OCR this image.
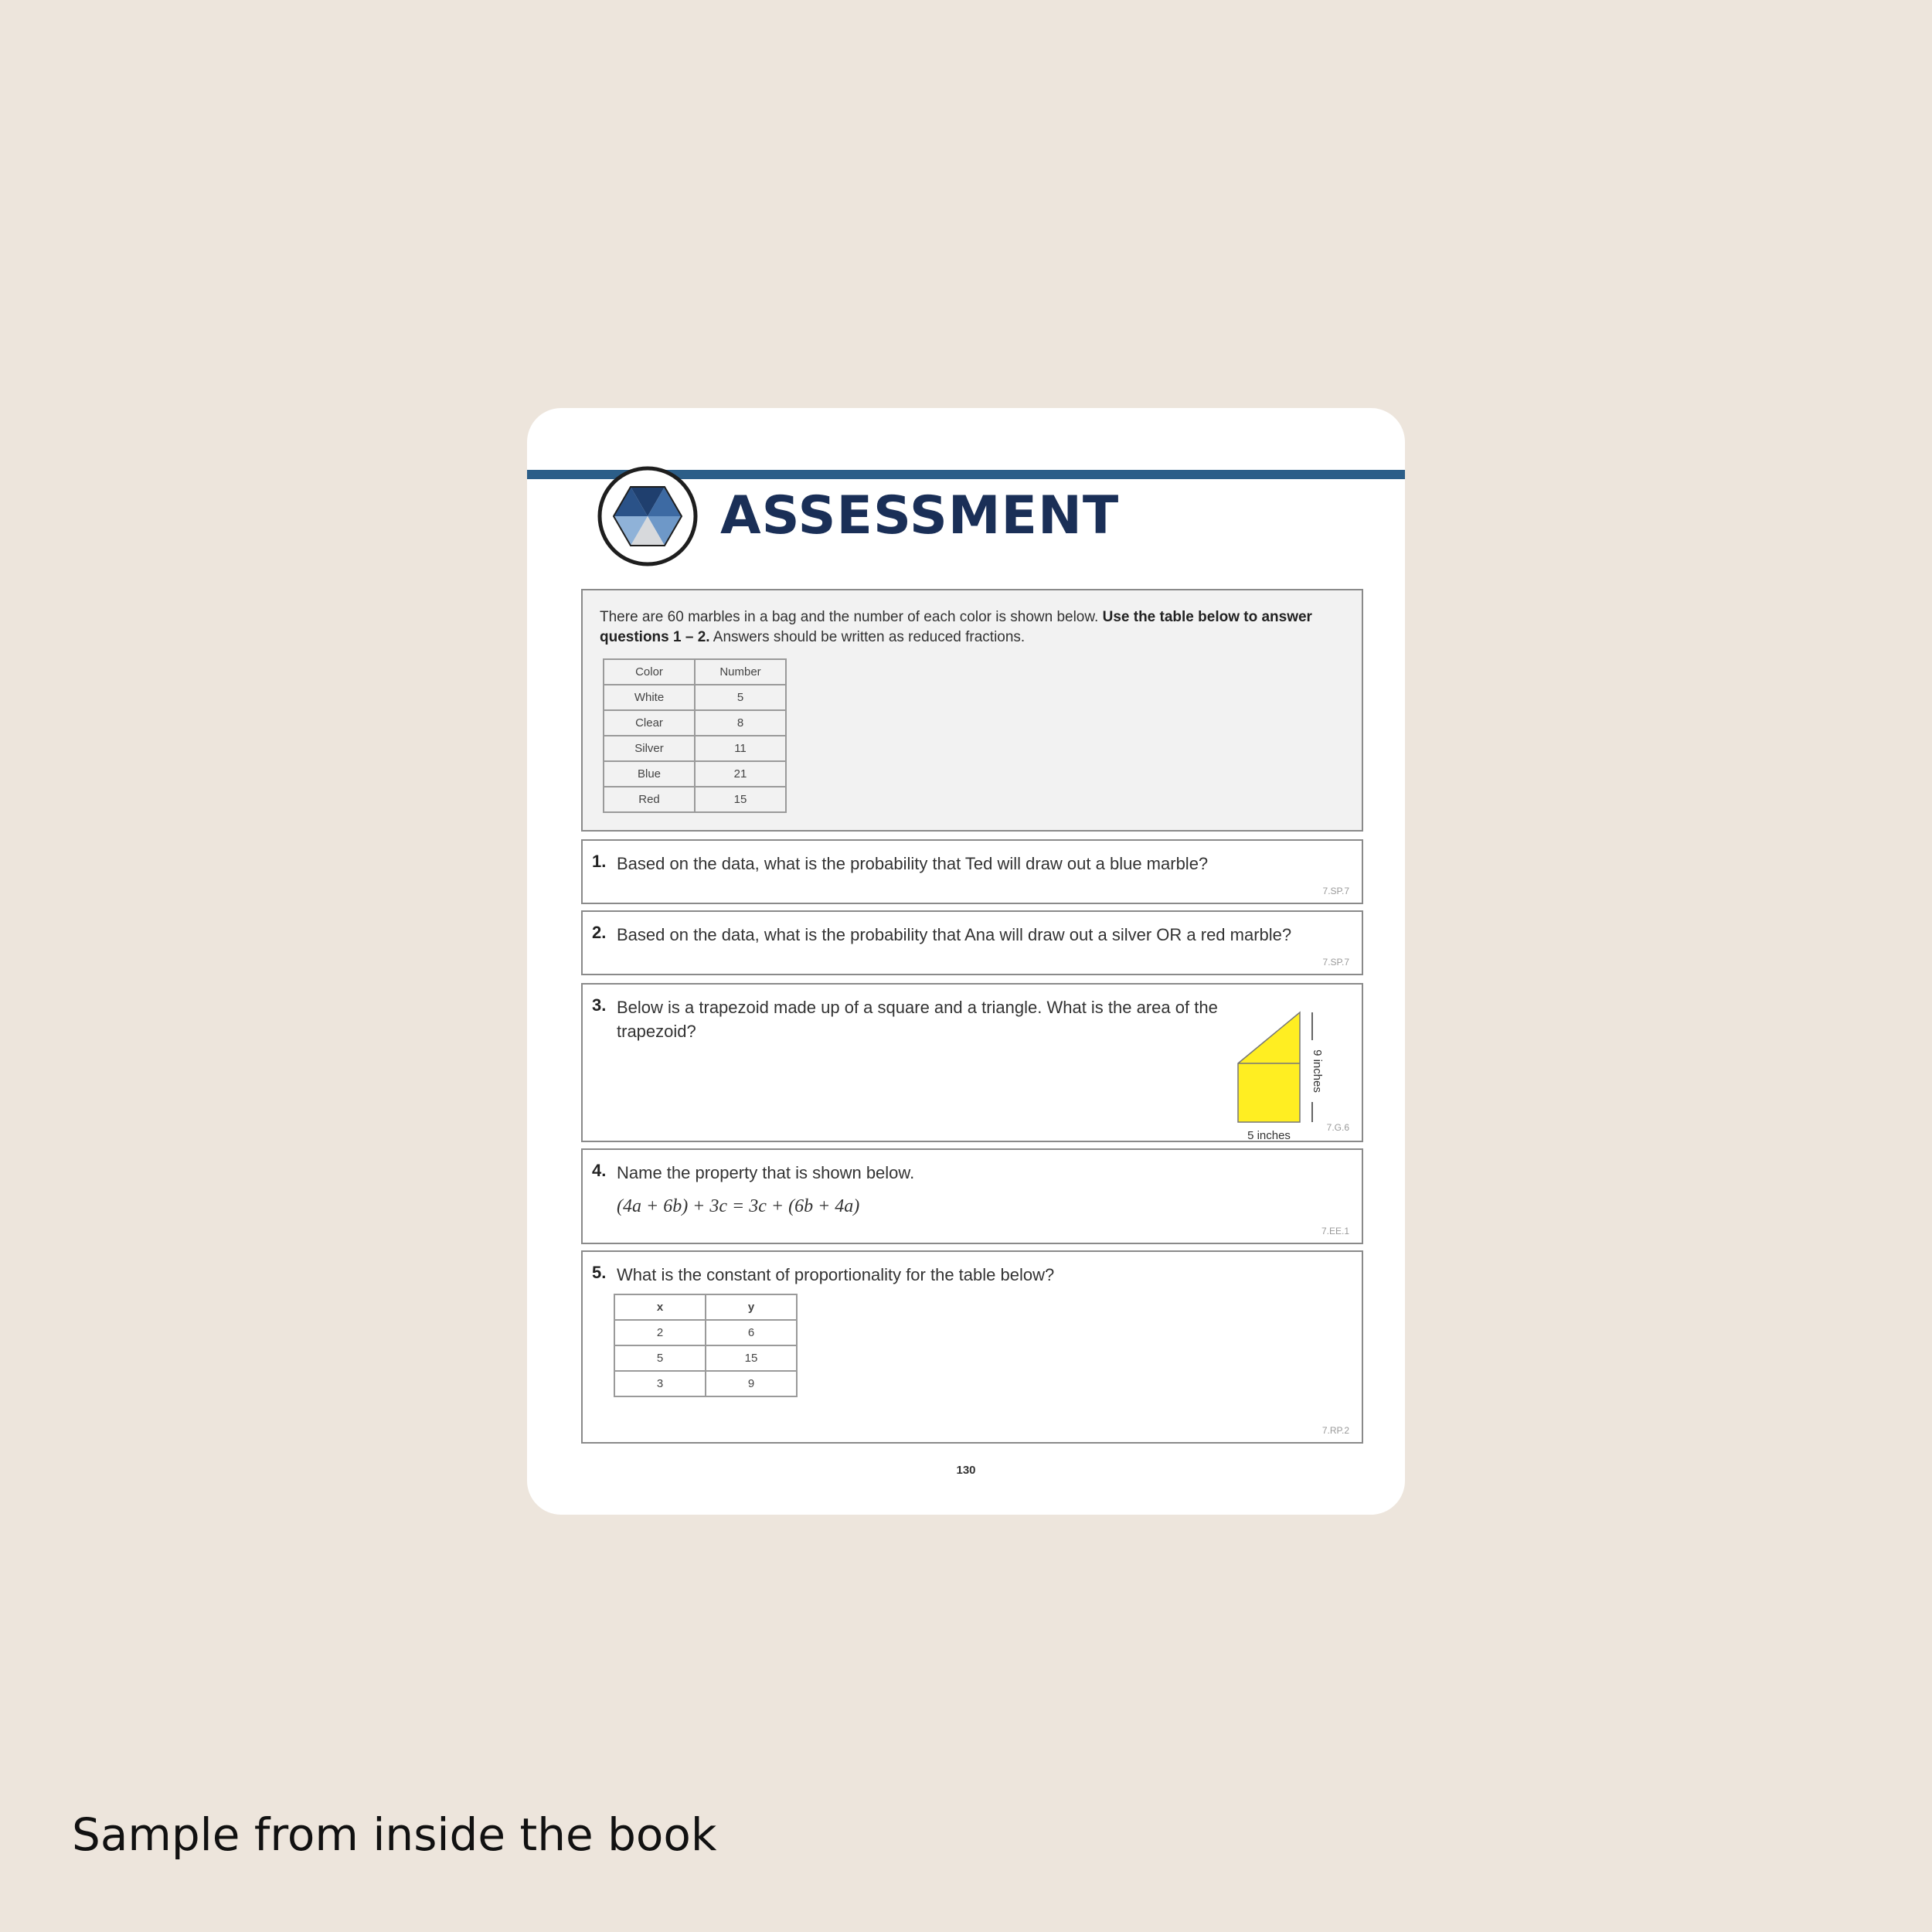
ASSESSMENT
There are 60 marbles in a bag and the number of each color is shown below. Use the table below to answer questions 1 – 2. Answers should be written as reduced fractions.
Color	Number
White	5
Clear	8
Silver	11
Blue	21
Red	15
1. Based on the data, what is the probability that Ted will draw out a blue marble?
7.SP.7
2. Based on the data, what is the probability that Ana will draw out a silver OR a red marble?
7.SP.7
3. Below is a trapezoid made up of a square and a triangle. What is the area of the trapezoid?
9 inches
5 inches
7.G.6
4. Name the property that is shown below.
(4a + 6b) + 3c = 3c + (6b + 4a)
7.EE.1
5. What is the constant of proportionality for the table below?
x	y
2	6
5	15
3	9
7.RP.2
130
Sample from inside the book
